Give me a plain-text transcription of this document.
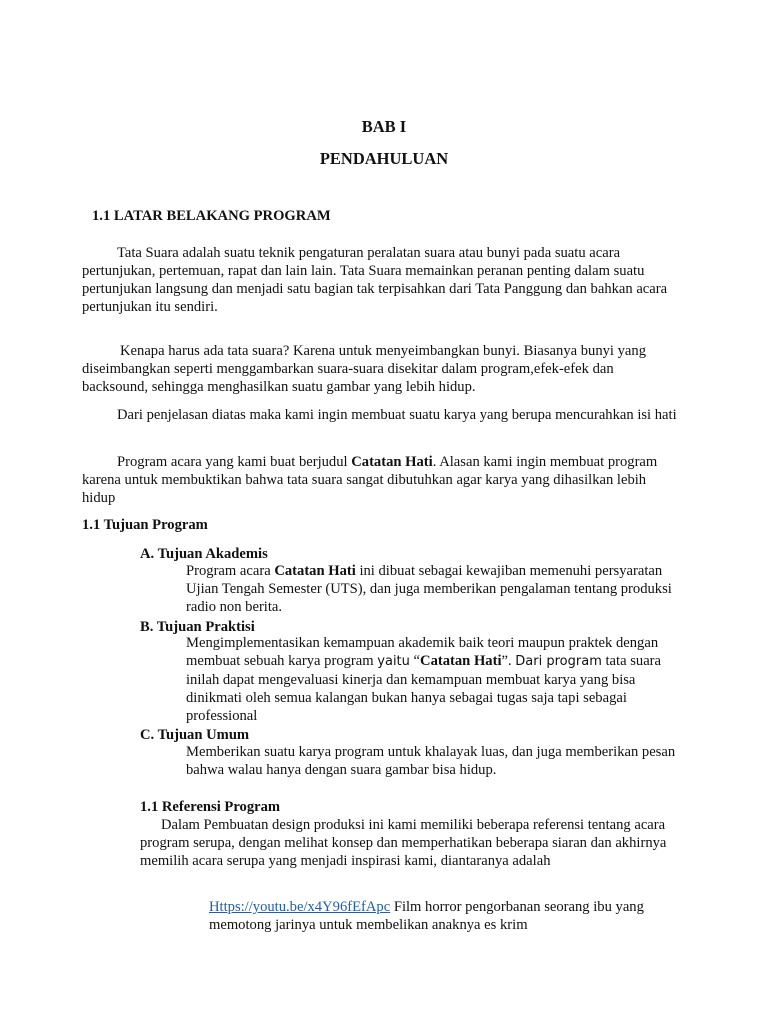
BAB I
PENDAHULUAN
1.1 LATAR BELAKANG PROGRAM
Tata Suara adalah suatu teknik pengaturan peralatan suara atau bunyi pada suatu acara pertunjukan, pertemuan, rapat dan lain lain. Tata Suara memainkan peranan penting dalam suatu pertunjukan langsung dan menjadi satu bagian tak terpisahkan dari Tata Panggung dan bahkan acara pertunjukan itu sendiri.
Kenapa harus ada tata suara? Karena untuk menyeimbangkan bunyi. Biasanya bunyi yang diseimbangkan seperti menggambarkan suara-suara disekitar dalam program,efek-efek dan backsound, sehingga menghasilkan suatu gambar yang lebih hidup.
Dari penjelasan diatas maka kami ingin membuat suatu karya yang berupa mencurahkan isi hati
Program acara yang kami buat berjudul Catatan Hati. Alasan kami ingin membuat program karena untuk membuktikan bahwa tata suara sangat dibutuhkan agar karya yang dihasilkan lebih hidup
1.1 Tujuan Program
A. Tujuan Akademis
Program acara Catatan Hati ini dibuat sebagai kewajiban memenuhi persyaratan Ujian Tengah Semester (UTS), dan juga memberikan pengalaman tentang produksi radio non berita.
B. Tujuan Praktisi
Mengimplementasikan kemampuan akademik baik teori maupun praktek dengan membuat sebuah karya program yaitu “Catatan Hati”. Dari program tata suara inilah dapat mengevaluasi kinerja dan kemampuan membuat karya yang bisa dinikmati oleh semua kalangan bukan hanya sebagai tugas saja tapi sebagai professional
C. Tujuan Umum
Memberikan suatu karya program untuk khalayak luas, dan juga memberikan pesan bahwa walau hanya dengan suara gambar bisa hidup.
1.1 Referensi Program
Dalam Pembuatan design produksi ini kami memiliki beberapa referensi tentang acara program serupa, dengan melihat konsep dan memperhatikan beberapa siaran dan akhirnya memilih acara serupa yang menjadi inspirasi kami, diantaranya adalah
Https://youtu.be/x4Y96fEfApc Film horror pengorbanan seorang ibu yang memotong jarinya untuk membelikan anaknya es krim
